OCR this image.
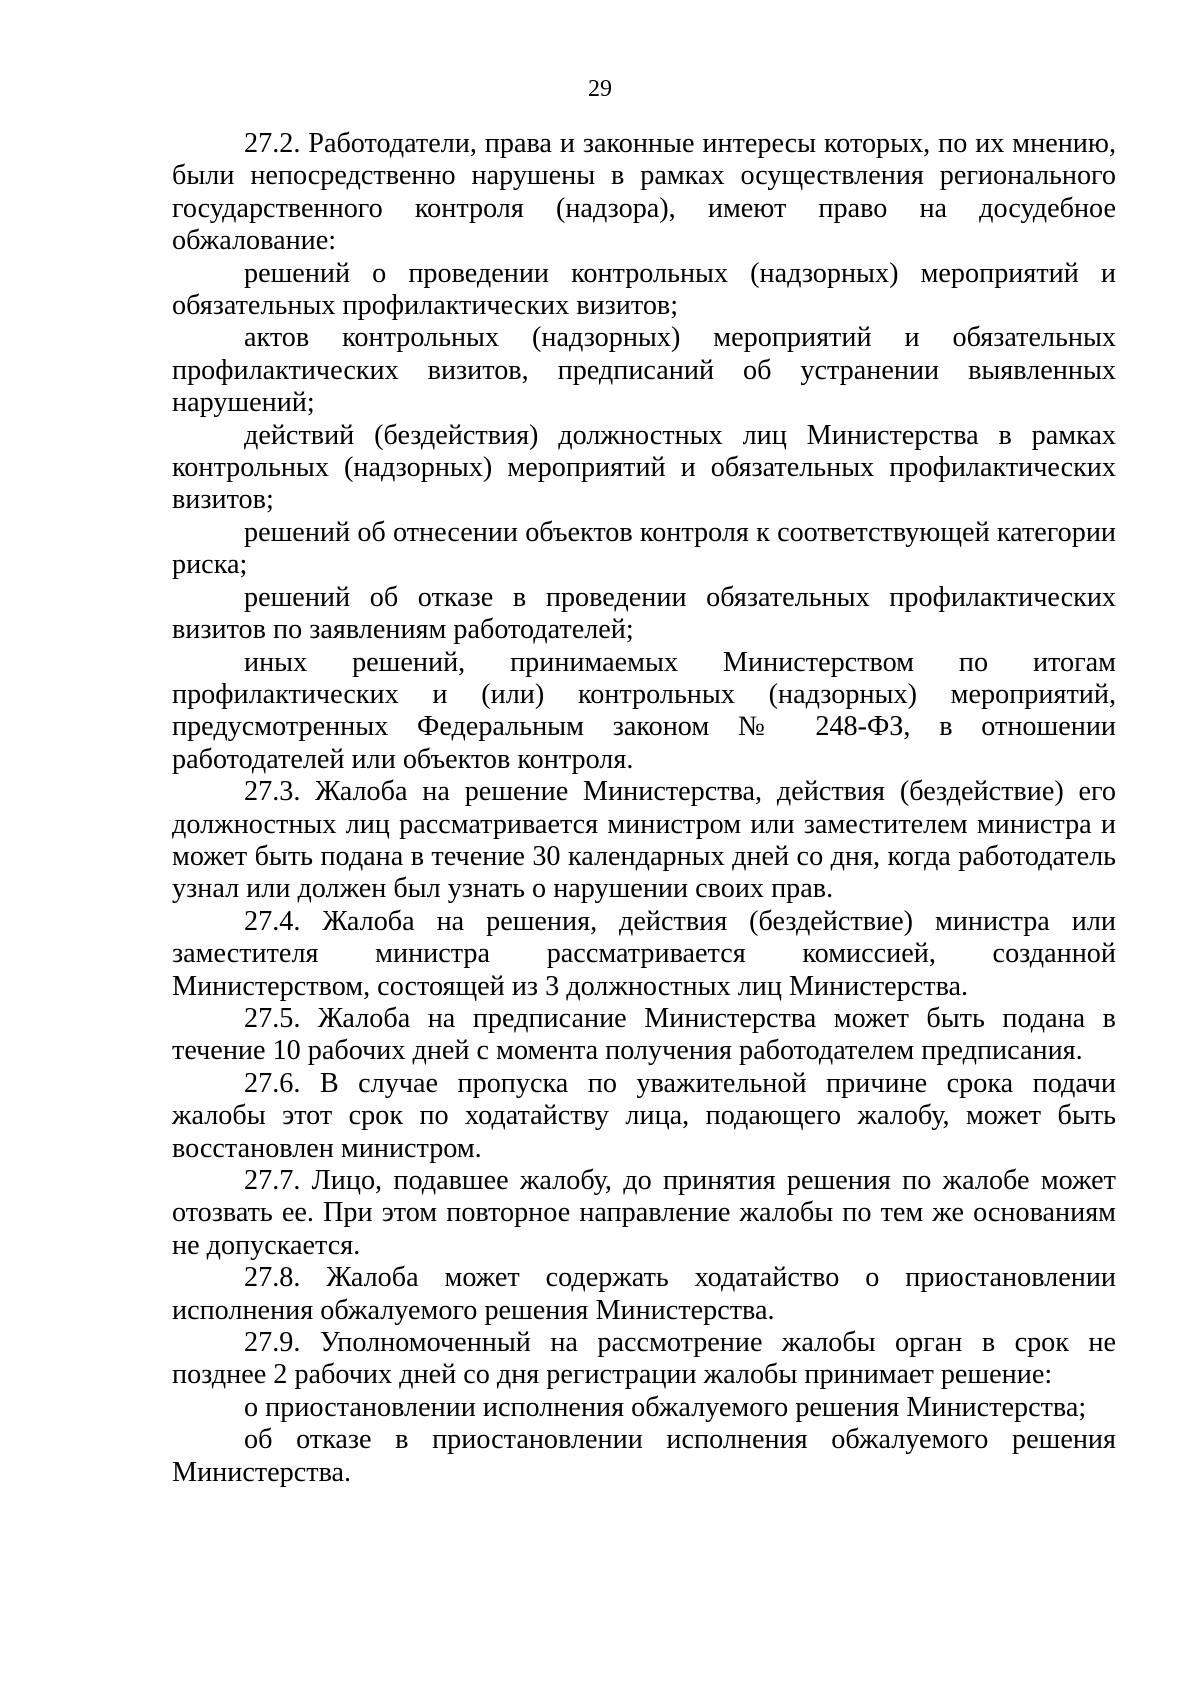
29

27.2. Работодатели, права и законные интересы которых, по их мнению, были непосредственно нарушены в рамках осуществления регионального государственного контроля (надзора), имеют право на досудебное обжалование:

решений о проведении контрольных (надзорных) мероприятий и обязательных профилактических визитов;

актов контрольных (надзорных) мероприятий и обязательных профилактических визитов, предписаний об устранении выявленных нарушений;

действий (бездействия) должностных лиц Министерства в рамках контрольных (надзорных) мероприятий и обязательных профилактических визитов;

решений об отнесении объектов контроля к соответствующей категории риска;

решений об отказе в проведении обязательных профилактических визитов по заявлениям работодателей;

иных решений, принимаемых Министерством по итогам профилактических и (или) контрольных (надзорных) мероприятий, предусмотренных Федеральным законом № 248-ФЗ, в отношении работодателей или объектов контроля.

27.3. Жалоба на решение Министерства, действия (бездействие) его должностных лиц рассматривается министром или заместителем министра и может быть подана в течение 30 календарных дней со дня, когда работодатель узнал или должен был узнать о нарушении своих прав.

27.4. Жалоба на решения, действия (бездействие) министра или заместителя министра рассматривается комиссией, созданной Министерством, состоящей из 3 должностных лиц Министерства.

27.5. Жалоба на предписание Министерства может быть подана в течение 10 рабочих дней с момента получения работодателем предписания.

27.6. В случае пропуска по уважительной причине срока подачи жалобы этот срок по ходатайству лица, подающего жалобу, может быть восстановлен министром.

27.7. Лицо, подавшее жалобу, до принятия решения по жалобе может отозвать ее. При этом повторное направление жалобы по тем же основаниям не допускается.

27.8. Жалоба может содержать ходатайство о приостановлении исполнения обжалуемого решения Министерства.

27.9. Уполномоченный на рассмотрение жалобы орган в срок не позднее 2 рабочих дней со дня регистрации жалобы принимает решение:

о приостановлении исполнения обжалуемого решения Министерства;

об отказе в приостановлении исполнения обжалуемого решения Министерства.
